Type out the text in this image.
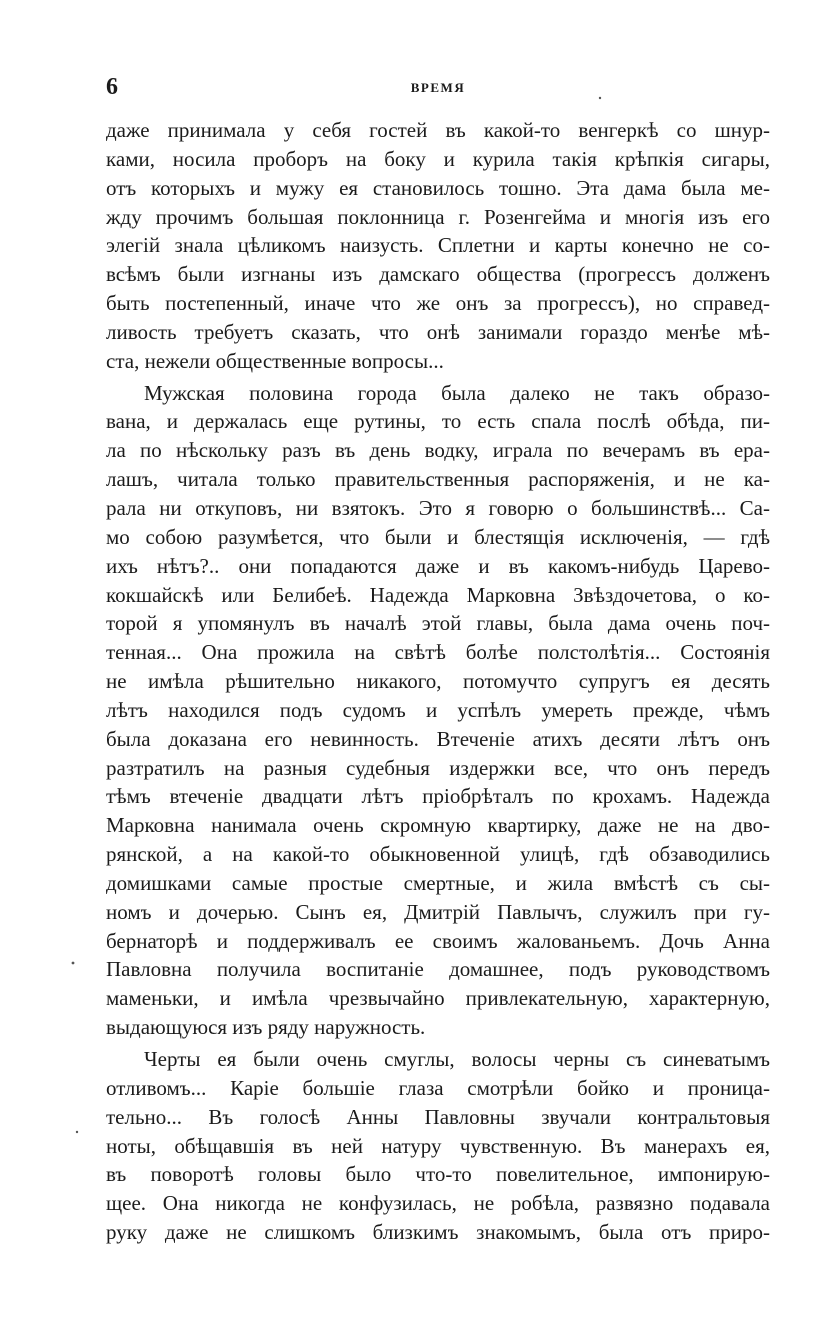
6	ВРЕМЯ

даже принимала у себя гостей въ какой-то венгеркѣ со шнур-
ками, носила проборъ на боку и курила такія крѣпкія сигары,
отъ которыхъ и мужу ея становилось тошно. Эта дама была ме-
жду прочимъ большая поклонница г. Розенгейма и многія изъ его
элегій знала цѣликомъ наизусть. Сплетни и карты конечно не со-
всѣмъ были изгнаны изъ дамскаго общества (прогрессъ долженъ
быть постепенный, иначе что же онъ за прогрессъ), но справед-
ливость требуетъ сказать, что онѣ занимали гораздо менѣе мѣ-
ста, нежели общественные вопросы...

Мужская половина города была далеко не такъ образо-
вана, и держалась еще рутины, то есть спала послѣ обѣда, пи-
ла по нѣскольку разъ въ день водку, играла по вечерамъ въ ера-
лашъ, читала только правительственныя распоряженія, и не ка-
рала ни откуповъ, ни взятокъ. Это я говорю о большинствѣ... Са-
мо собою разумѣется, что были и блестящія исключенія, — гдѣ
ихъ нѣтъ?.. они попадаются даже и въ какомъ-нибудь Царево-
кокшайскѣ или Белибеѣ. Надежда Марковна Звѣздочетова, о ко-
торой я упомянулъ въ началѣ этой главы, была дама очень поч-
тенная... Она прожила на свѣтѣ болѣе полстолѣтія... Состоянія
не имѣла рѣшительно никакого, потомучто супругъ ея десять
лѣтъ находился подъ судомъ и успѣлъ умереть прежде, чѣмъ
была доказана его невинность. Втеченіе атихъ десяти лѣтъ онъ
разтратилъ на разныя судебныя издержки все, что онъ передъ
тѣмъ втеченіе двадцати лѣтъ пріобрѣталъ по крохамъ. Надежда
Марковна нанимала очень скромную квартирку, даже не на дво-
рянской, а на какой-то обыкновенной улицѣ, гдѣ обзаводились
домишками самые простые смертные, и жила вмѣстѣ съ сы-
номъ и дочерью. Сынъ ея, Дмитрій Павлычъ, служилъ при гу-
бернаторѣ и поддерживалъ ее своимъ жалованьемъ. Дочь Анна
Павловна получила воспитаніе домашнее, подъ руководствомъ
маменьки, и имѣла чрезвычайно привлекательную, характерную,
выдающуюся изъ ряду наружность.

Черты ея были очень смуглы, волосы черны съ синеватымъ
отливомъ... Каріе большіе глаза смотрѣли бойко и проница-
тельно... Въ голосѣ Анны Павловны звучали контральтовыя
ноты, обѣщавшія въ ней натуру чувственную. Въ манерахъ ея,
въ поворотѣ головы было что-то повелительное, импонирую-
щее. Она никогда не конфузилась, не робѣла, развязно подавала
руку даже не слишкомъ близкимъ знакомымъ, была отъ приро-
